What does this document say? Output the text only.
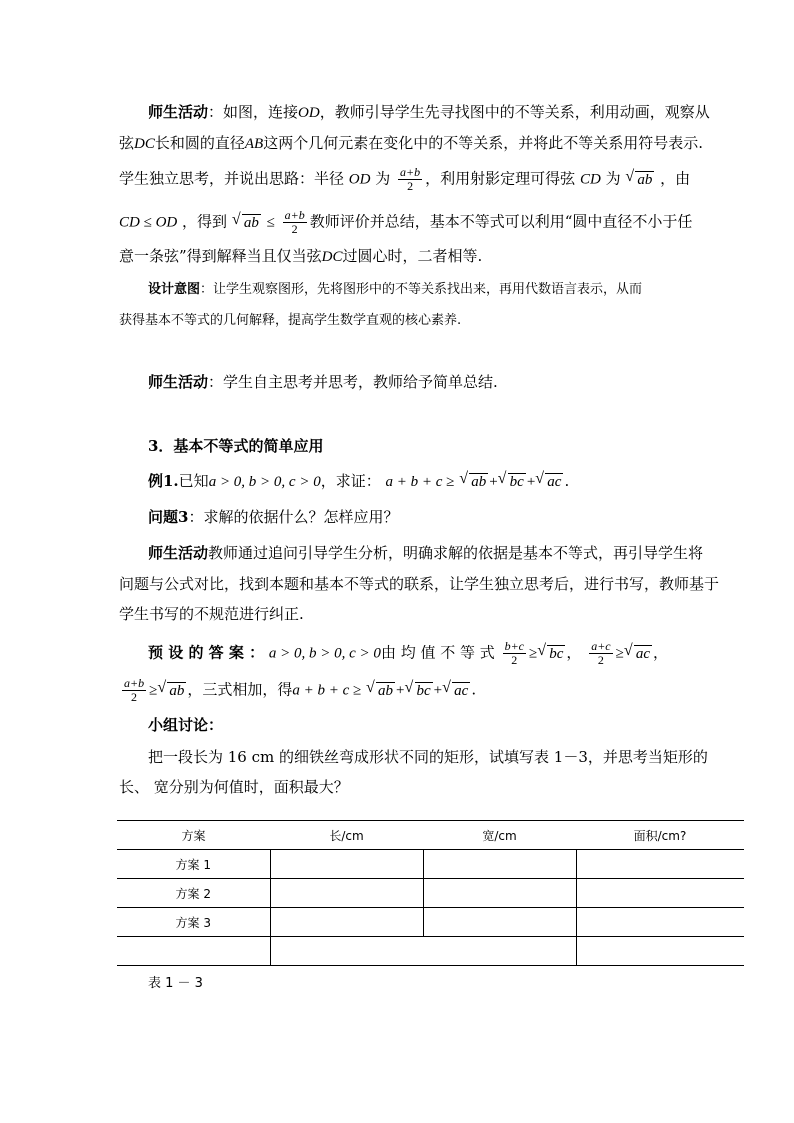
师生活动：如图，连接OD，教师引导学生先寻找图中的不等关系，利用动画，观察从
弦DC长和圆的直径AB这两个几何元素在变化中的不等关系，并将此不等关系用符号表示.
学生独立思考，并说出思路：半径 OD 为 $\frac{a+b}{2}$ ，利用射影定理可得弦 CD 为 √ ab ，由
CD ≤ OD ，得到 √ ab ≤ $\frac{a+b}{2}$ 教师评价并总结，基本不等式可以利用“圆中直径不小于任
意一条弦”得到解释当且仅当弦DC过圆心时，二者相等.
设计意图：让学生观察图形，先将图形中的不等关系找出来，再用代数语言表示，从而
获得基本不等式的几何解释，提高学生数学直观的核心素养.
师生活动：学生自主思考并思考，教师给予简单总结.
3．基本不等式的简单应用
例1.已知a > 0, b > 0, c > 0，求证： a + b + c ≥ √ ab + √ bc + √ ac .
问题3：求解的依据什么？怎样应用？
师生活动教师通过追问引导学生分析，明确求解的依据是基本不等式，再引导学生将
问题与公式对比，找到本题和基本不等式的联系，让学生独立思考后，进行书写，教师基于
学生书写的不规范进行纠正.
预 设 的 答 案 ： a > 0, b > 0, c > 0由 均 值 不 等 式 $\frac{b+c}{2}$ ≥ √ bc ， $\frac{a+c}{2}$ ≥ √ ac ，
$\frac{a+b}{2}$ ≥ √ ab ，三式相加，得a + b + c ≥ √ ab + √ bc + √ ac .
小组讨论：
把一段长为 16 cm 的细铁丝弯成形状不同的矩形，试填写表 1－3，并思考当矩形的
长、 宽分别为何值时，面积最大？
方案	长/cm	宽/cm	面积/cm?
方案 1			
方案 2			
方案 3			

表 1 － 3
